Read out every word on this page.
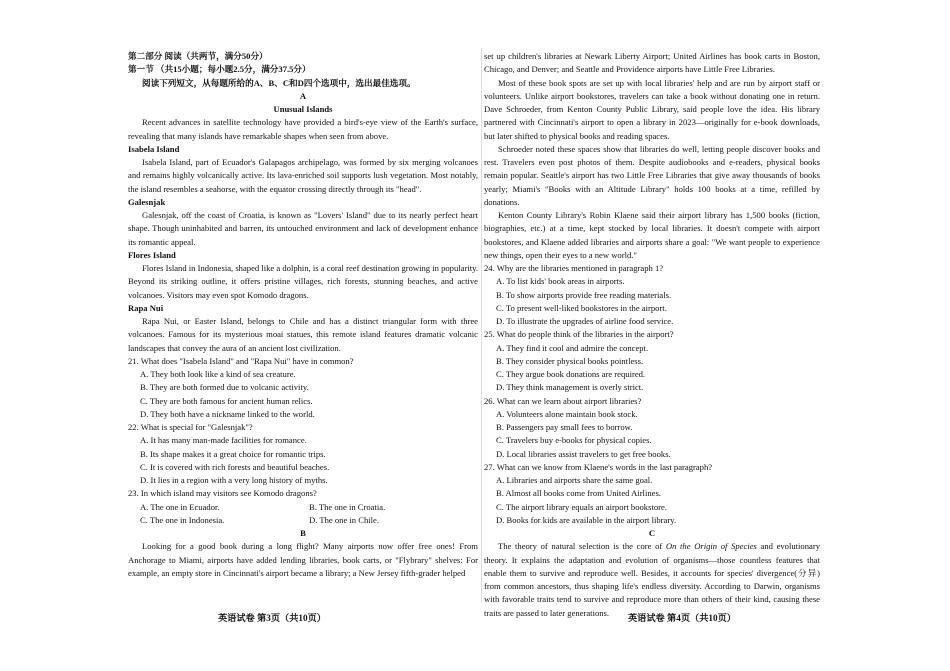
第二部分 阅读（共两节，满分50分）

第一节 （共15小题；每小题2.5分，满分37.5分）

阅读下列短文，从每题所给的A、B、C和D四个选项中，选出最佳选项。

A

Unusual Islands

Recent advances in satellite technology have provided a bird's-eye view of the Earth's surface, revealing that many islands have remarkable shapes when seen from above.

Isabela Island

Isabela Island, part of Ecuador's Galapagos archipelago, was formed by six merging volcanoes and remains highly volcanically active. Its lava-enriched soil supports lush vegetation. Most notably, the island resembles a seahorse, with the equator crossing directly through its "head".

Galesnjak

Galesnjak, off the coast of Croatia, is known as "Lovers' Island" due to its nearly perfect heart shape. Though uninhabited and barren, its untouched environment and lack of development enhance its romantic appeal.

Flores Island

Flores Island in Indonesia, shaped like a dolphin, is a coral reef destination growing in popularity. Beyond its striking outline, it offers pristine villages, rich forests, stunning beaches, and active volcanoes. Visitors may even spot Komodo dragons.

Rapa Nui

Rapa Nui, or Easter Island, belongs to Chile and has a distinct triangular form with three volcanoes. Famous for its mysterious moai statues, this remote island features dramatic volcanic landscapes that convey the aura of an ancient lost civilization.

21. What does "Isabela Island" and "Rapa Nui" have in common?

A. They both look like a kind of sea creature.

B. They are both formed due to volcanic activity.

C. They are both famous for ancient human relics.

D. They both have a nickname linked to the world.

22. What is special for "Galesnjak"?

A. It has many man-made facilities for romance.

B. Its shape makes it a great choice for romantic trips.

C. It is covered with rich forests and beautiful beaches.

D. It lies in a region with a very long history of myths.

23. In which island may visitors see Komodo dragons?

A. The one in Ecuador.	B. The one in Croatia.
C. The one in Indonesia.	D. The one in Chile.

B

Looking for a good book during a long flight? Many airports now offer free ones! From Anchorage to Miami, airports have added lending libraries, book carts, or "Flybrary" shelves: For example, an empty store in Cincinnati's airport became a library; a New Jersey fifth-grader helped

set up children's libraries at Newark Liberty Airport; United Airlines has book carts in Boston, Chicago, and Denver; and Seattle and Providence airports have Little Free Libraries.

Most of these book spots are set up with local libraries' help and are run by airport staff or volunteers. Unlike airport bookstores, travelers can take a book without donating one in return. Dave Schroeder, from Kenton County Public Library, said people love the idea. His library partnered with Cincinnati's airport to open a library in 2023—originally for e-book downloads, but later shifted to physical books and reading spaces.

Schroeder noted these spaces show that libraries do well, letting people discover books and rest. Travelers even post photos of them. Despite audiobooks and e-readers, physical books remain popular. Seattle's airport has two Little Free Libraries that give away thousands of books yearly; Miami's "Books with an Altitude Library" holds 100 books at a time, refilled by donations.

Kenton County Library's Robin Klaene said their airport library has 1,500 books (fiction, biographies, etc.) at a time, kept stocked by local libraries. It doesn't compete with airport bookstores, and Klaene added libraries and airports share a goal: "We want people to experience new things, open their eyes to a new world."

24. Why are the libraries mentioned in paragraph 1?

A. To list kids' book areas in airports.

B. To show airports provide free reading materials.

C. To present well-liked bookstores in the airport.

D. To illustrate the upgrades of airline food service.

25. What do people think of the libraries in the airport?

A. They find it cool and admire the concept.

B. They consider physical books pointless.

C. They argue book donations are required.

D. They think management is overly strict.

26. What can we learn about airport libraries?

A. Volunteers alone maintain book stock.

B. Passengers pay small fees to borrow.

C. Travelers buy e-books for physical copies.

D. Local libraries assist travelers to get free books.

27. What can we know from Klaene's words in the last paragraph?

A. Libraries and airports share the same goal.

B. Almost all books come from United Airlines.

C. The airport library equals an airport bookstore.

D. Books for kids are available in the airport library.

C

The theory of natural selection is the core of On the Origin of Species and evolutionary theory. It explains the adaptation and evolution of organisms—those countless features that enable them to survive and reproduce well. Besides, it accounts for species' divergence(分异) from common ancestors, thus shaping life's endless diversity. According to Darwin, organisms with favorable traits tend to survive and reproduce more than others of their kind, causing these traits are passed to later generations.

英语试卷 第3页（共10页）	英语试卷 第4页（共10页）
